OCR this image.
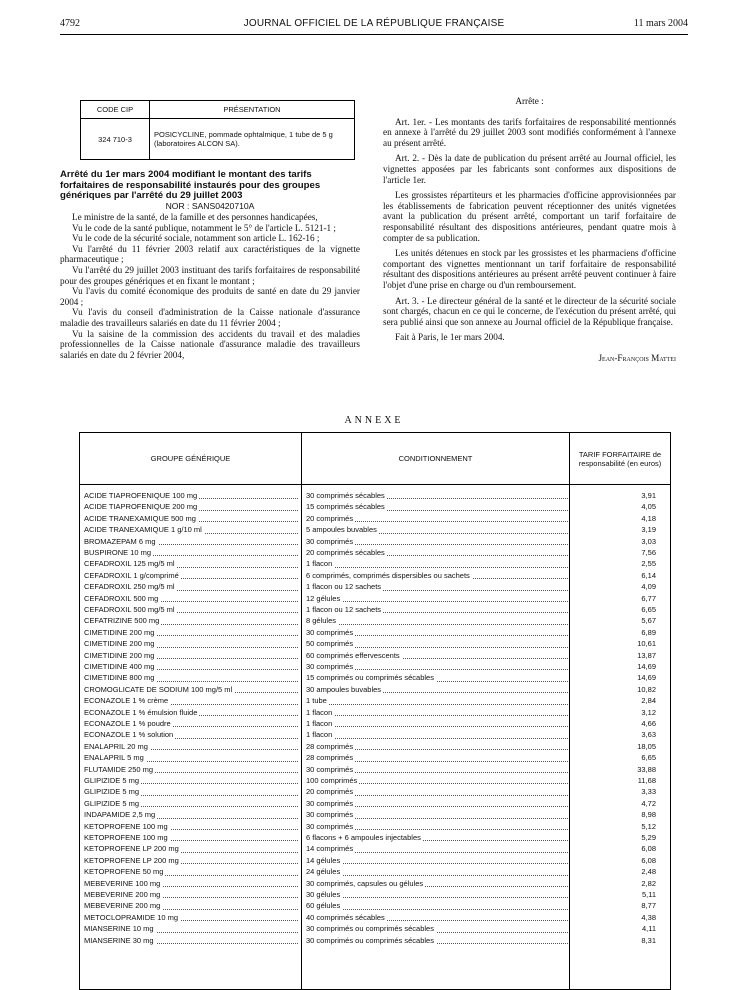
4792	JOURNAL OFFICIEL DE LA RÉPUBLIQUE FRANÇAISE	11 mars 2004
CODE CIP	PRÉSENTATION
324 710-3	POSICYCLINE, pommade ophtalmique, 1 tube de 5 g (laboratoires ALCON SA).
Arrêté du 1er mars 2004 modifiant le montant des tarifs forfaitaires de responsabilité instaurés pour des groupes génériques par l'arrêté du 29 juillet 2003
NOR : SANS0420710A

Le ministre de la santé, de la famille et des personnes handicapées,

Vu le code de la santé publique, notamment le 5° de l'article L. 5121-1 ;

Vu le code de la sécurité sociale, notamment son article L. 162-16 ;

Vu l'arrêté du 11 février 2003 relatif aux caractéristiques de la vignette pharmaceutique ;

Vu l'arrêté du 29 juillet 2003 instituant des tarifs forfaitaires de responsabilité pour des groupes génériques et en fixant le montant ;

Vu l'avis du comité économique des produits de santé en date du 29 janvier 2004 ;

Vu l'avis du conseil d'administration de la Caisse nationale d'assurance maladie des travailleurs salariés en date du 11 février 2004 ;

Vu la saisine de la commission des accidents du travail et des maladies professionnelles de la Caisse nationale d'assurance maladie des travailleurs salariés en date du 2 février 2004,

Arrête :

Art. 1er. - Les montants des tarifs forfaitaires de responsabilité mentionnés en annexe à l'arrêté du 29 juillet 2003 sont modifiés conformément à l'annexe au présent arrêté.

Art. 2. - Dès la date de publication du présent arrêté au Journal officiel, les vignettes apposées par les fabricants sont conformes aux dispositions de l'article 1er.

Les grossistes répartiteurs et les pharmacies d'officine approvisionnées par les établissements de fabrication peuvent réceptionner des unités vignetées avant la publication du présent arrêté, comportant un tarif forfaitaire de responsabilité résultant des dispositions antérieures, pendant quatre mois à compter de sa publication.

Les unités détenues en stock par les grossistes et les pharmaciens d'officine comportant des vignettes mentionnant un tarif forfaitaire de responsabilité résultant des dispositions antérieures au présent arrêté peuvent continuer à faire l'objet d'une prise en charge ou d'un remboursement.

Art. 3. - Le directeur général de la santé et le directeur de la sécurité sociale sont chargés, chacun en ce qui le concerne, de l'exécution du présent arrêté, qui sera publié ainsi que son annexe au Journal officiel de la République française.

Fait à Paris, le 1er mars 2004.

Jean-François Mattei

ANNEXE
GROUPE GÉNÉRIQUE	CONDITIONNEMENT	TARIF FORFAITAIRE de responsabilité (en euros)
ACIDE TIAPROFENIQUE 100 mg	30 comprimés sécables	3,91
ACIDE TIAPROFENIQUE 200 mg	15 comprimés sécables	4,05
ACIDE TRANEXAMIQUE 500 mg	20 comprimés	4,18
ACIDE TRANEXAMIQUE 1 g/10 ml	5 ampoules buvables	3,19
BROMAZEPAM 6 mg	30 comprimés	3,03
BUSPIRONE 10 mg	20 comprimés sécables	7,56
CEFADROXIL 125 mg/5 ml	1 flacon	2,55
CEFADROXIL 1 g/comprimé	6 comprimés, comprimés dispersibles ou sachets	6,14
CEFADROXIL 250 mg/5 ml	1 flacon ou 12 sachets	4,09
CEFADROXIL 500 mg	12 gélules	6,77
CEFADROXIL 500 mg/5 ml	1 flacon ou 12 sachets	6,65
CEFATRIZINE 500 mg	8 gélules	5,67
CIMETIDINE 200 mg	30 comprimés	6,89
CIMETIDINE 200 mg	50 comprimés	10,61
CIMETIDINE 200 mg	60 comprimés effervescents	13,87
CIMETIDINE 400 mg	30 comprimés	14,69
CIMETIDINE 800 mg	15 comprimés ou comprimés sécables	14,69
CROMOGLICATE DE SODIUM 100 mg/5 ml	30 ampoules buvables	10,82
ECONAZOLE 1 % crème	1 tube	2,84
ECONAZOLE 1 % émulsion fluide	1 flacon	3,12
ECONAZOLE 1 % poudre	1 flacon	4,66
ECONAZOLE 1 % solution	1 flacon	3,63
ENALAPRIL 20 mg	28 comprimés	18,05
ENALAPRIL 5 mg	28 comprimés	6,65
FLUTAMIDE 250 mg	30 comprimés	33,88
GLIPIZIDE 5 mg	100 comprimés	11,68
GLIPIZIDE 5 mg	20 comprimés	3,33
GLIPIZIDE 5 mg	30 comprimés	4,72
INDAPAMIDE 2,5 mg	30 comprimés	8,98
KETOPROFENE 100 mg	30 comprimés	5,12
KETOPROFENE 100 mg	6 flacons + 6 ampoules injectables	5,29
KETOPROFENE LP 200 mg	14 comprimés	6,08
KETOPROFENE LP 200 mg	14 gélules	6,08
KETOPROFENE 50 mg	24 gélules	2,48
MEBEVERINE 100 mg	30 comprimés, capsules ou gélules	2,82
MEBEVERINE 200 mg	30 gélules	5,11
MEBEVERINE 200 mg	60 gélules	8,77
METOCLOPRAMIDE 10 mg	40 comprimés sécables	4,38
MIANSERINE 10 mg	30 comprimés ou comprimés sécables	4,11
MIANSERINE 30 mg	30 comprimés ou comprimés sécables	8,31
